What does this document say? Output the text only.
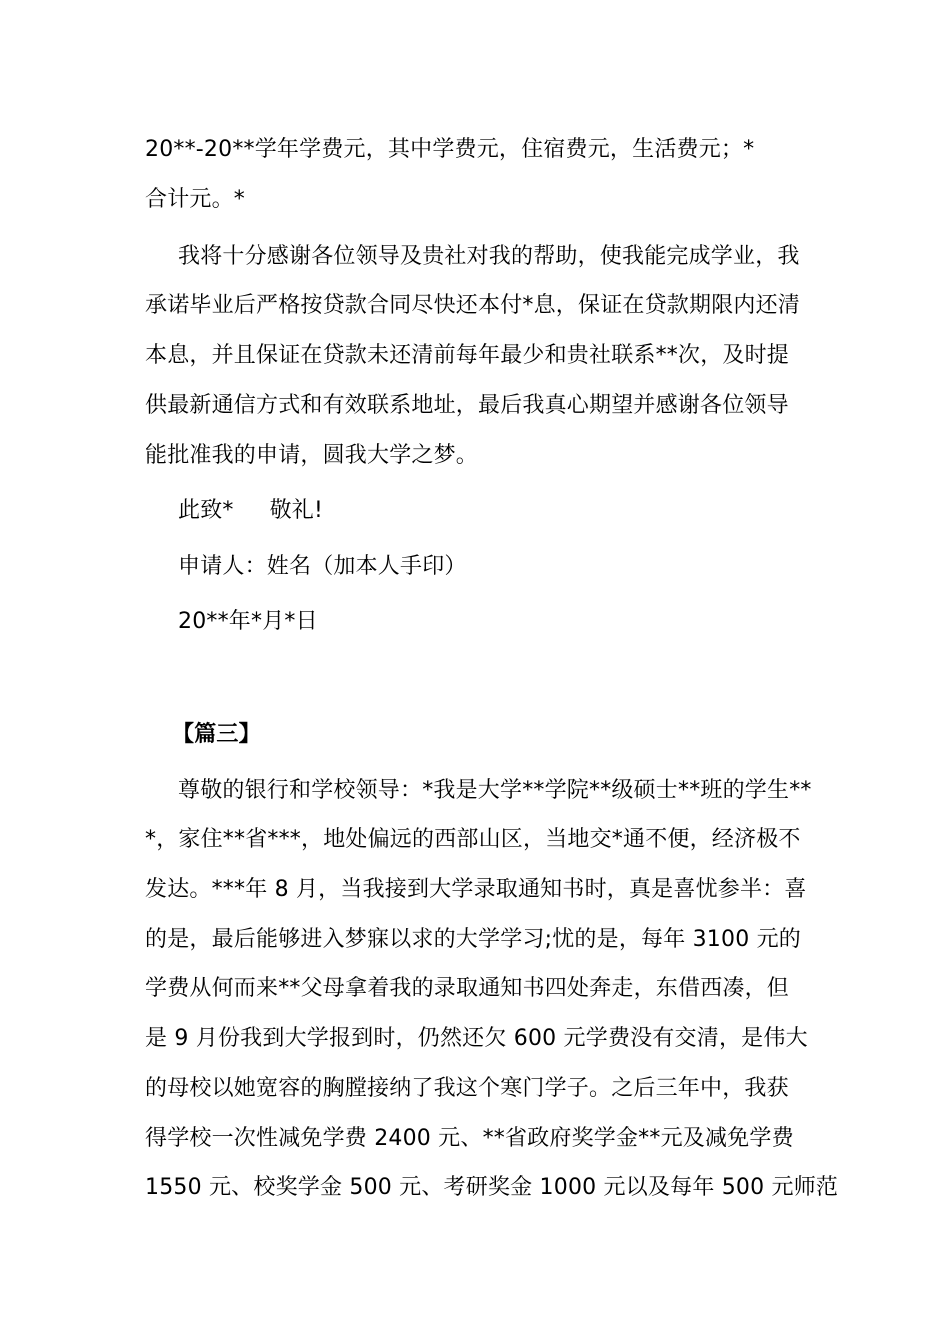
20**-20**学年学费元，其中学费元，住宿费元，生活费元；*
合计元。*
我将十分感谢各位领导及贵社对我的帮助，使我能完成学业，我
承诺毕业后严格按贷款合同尽快还本付*息，保证在贷款期限内还清
本息，并且保证在贷款未还清前每年最少和贵社联系**次，及时提
供最新通信方式和有效联系地址，最后我真心期望并感谢各位领导
能批准我的申请，圆我大学之梦。
此致* 敬礼!
申请人：姓名（加本人手印）
20**年*月*日
【篇三】
尊敬的银行和学校领导：*我是大学**学院**级硕士**班的学生**
*，家住**省***，地处偏远的西部山区，当地交*通不便，经济极不
发达。***年 8 月，当我接到大学录取通知书时，真是喜忧参半：喜
的是，最后能够进入梦寐以求的大学学习;忧的是，每年 3100 元的
学费从何而来**父母拿着我的录取通知书四处奔走，东借西凑，但
是 9 月份我到大学报到时，仍然还欠 600 元学费没有交清，是伟大
的母校以她宽容的胸膛接纳了我这个寒门学子。之后三年中，我获
得学校一次性减免学费 2400 元、**省政府奖学金**元及减免学费
1550 元、校奖学金 500 元、考研奖金 1000 元以及每年 500 元师范
